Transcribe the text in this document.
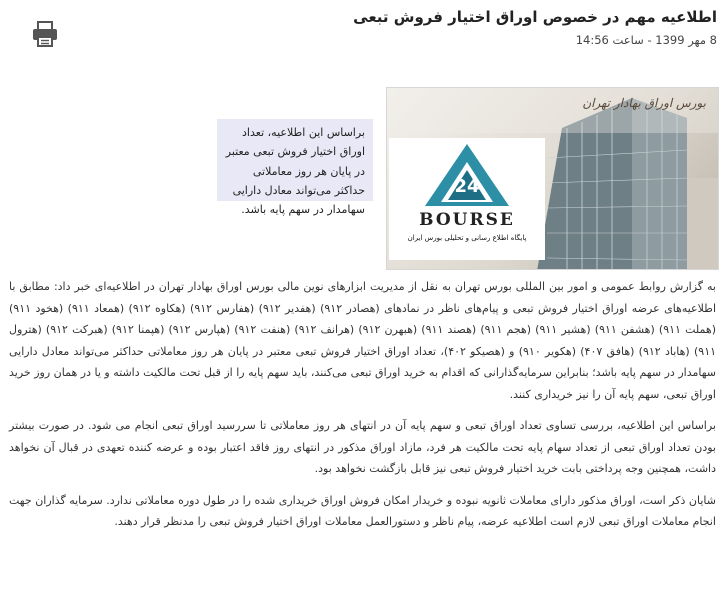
اطلاعیه مهم در خصوص اوراق اختیار فروش تبعی
8 مهر 1399 - ساعت 14:56
بورس اوراق بهادار تهران
24
BOURSE
پایگاه اطلاع رسانی و تحلیلی بورس ایران
براساس این اطلاعیه، تعداد اوراق اختیار فروش تبعی معتبر در پایان هر روز معاملاتی حداکثر می‌تواند معادل دارایی سهامدار در سهم پایه باشد.

به گزارش روابط عمومی و امور بین المللی بورس تهران به نقل از مدیریت ابزارهای نوین مالی بورس اوراق بهادار تهران در اطلاعیه‌ای خبر داد: مطابق با اطلاعیه‌های عرضه اوراق اختیار فروش تبعی و پیام‌های ناظر در نمادهای (هصادر ۹۱۲) (هفدیر ۹۱۲) (هفارس ۹۱۲) (هکاوه ۹۱۲) (همعاد ۹۱۱) (هخود ۹۱۱) (هملت ۹۱۱) (هشفن ۹۱۱) (هشیر ۹۱۱) (هجم ۹۱۱) (هصند ۹۱۱) (هبهرن ۹۱۲) (هرانف ۹۱۲) (هنفت ۹۱۲) (هپارس ۹۱۲) (هپمنا ۹۱۲) (هبرکت ۹۱۲) (هترول ۹۱۱) (هاباد ۹۱۲) (هافق ۴۰۷) (هکویر ۹۱۰) و (هصیکو ۴۰۲)، تعداد اوراق اختیار فروش تبعی معتبر در پایان هر روز معاملاتی حداکثر می‌تواند معادل دارایی سهامدار در سهم پایه باشد؛ بنابراین سرمایه‌گذارانی که اقدام به خرید اوراق تبعی می‌کنند، باید سهم پایه را از قبل تحت مالکیت داشته و یا در همان روز خرید اوراق تبعی، سهم پایه آن را نیز خریداری کنند.

براساس این اطلاعیه، بررسی تساوی تعداد اوراق تبعی و سهم پایه آن در انتهای هر روز معاملاتی تا سررسید اوراق تبعی انجام می شود. در صورت بیشتر بودن تعداد اوراق تبعی از تعداد سهام پایه تحت مالکیت هر فرد، مازاد اوراق مذکور در انتهای روز فاقد اعتبار بوده و عرضه کننده تعهدی در قبال آن نخواهد داشت، همچنین وجه پرداختی بابت خرید اختیار فروش تبعی نیز قابل بازگشت نخواهد بود.

شایان ذکر است، اوراق مذکور دارای معاملات ثانویه نبوده و خریدار امکان فروش اوراق خریداری شده را در طول دوره معاملاتی ندارد. سرمایه گذاران جهت انجام معاملات اوراق تبعی لازم است اطلاعیه عرضه، پیام ناظر و دستورالعمل معاملات اوراق اختیار فروش تبعی را مدنظر قرار دهند.
